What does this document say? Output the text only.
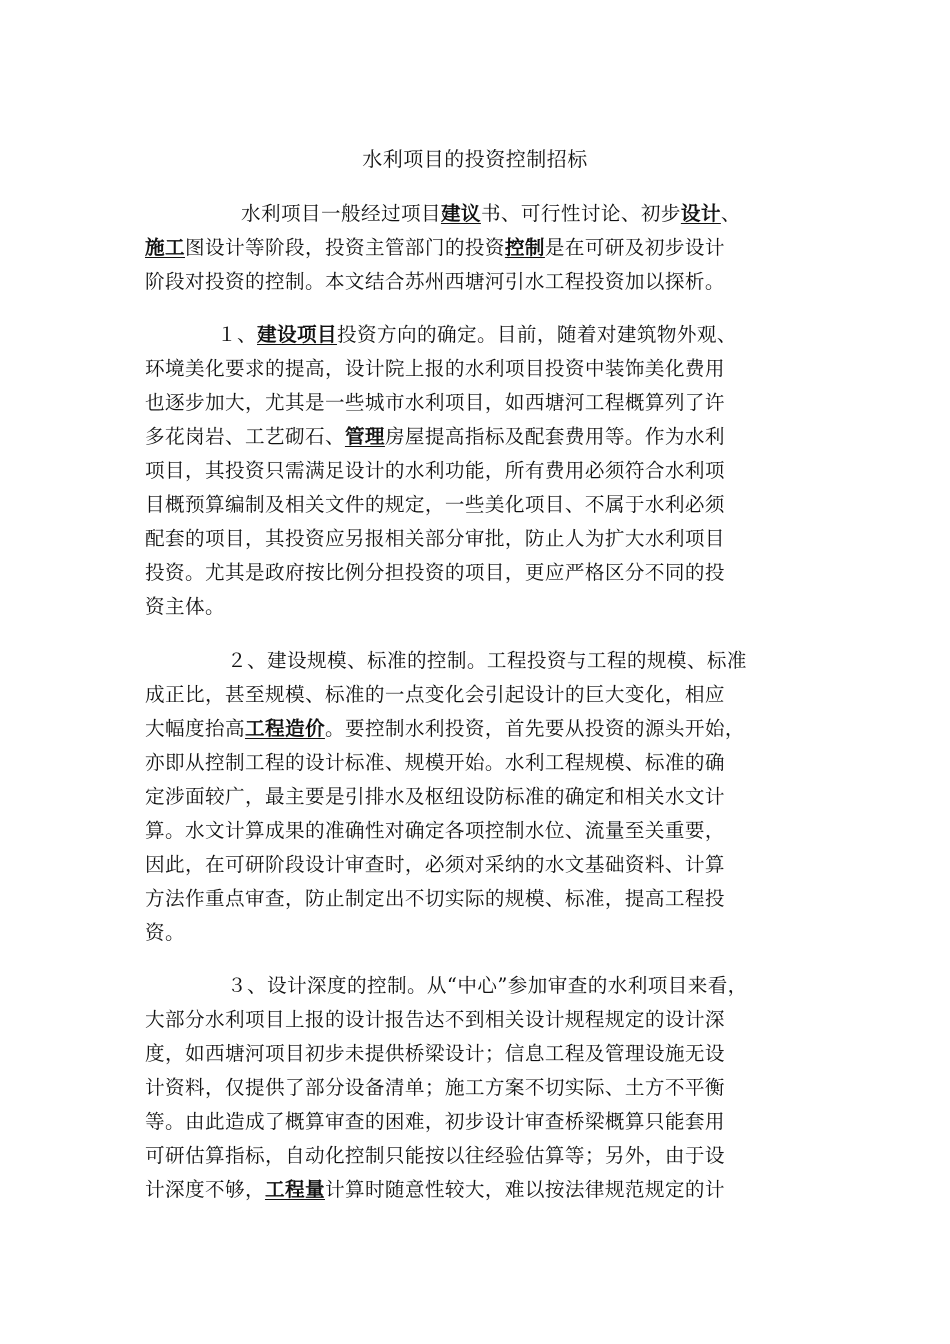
水利项目的投资控制招标
水利项目一般经过项目建议书、可行性讨论、初步设计、
施工图设计等阶段，投资主管部门的投资控制是在可研及初步设计
阶段对投资的控制。本文结合苏州西塘河引水工程投资加以探析。
１、建设项目投资方向的确定。目前，随着对建筑物外观、
环境美化要求的提高，设计院上报的水利项目投资中装饰美化费用
也逐步加大，尤其是一些城市水利项目，如西塘河工程概算列了许
多花岗岩、工艺砌石、管理房屋提高指标及配套费用等。作为水利
项目，其投资只需满足设计的水利功能，所有费用必须符合水利项
目概预算编制及相关文件的规定，一些美化项目、不属于水利必须
配套的项目，其投资应另报相关部分审批，防止人为扩大水利项目
投资。尤其是政府按比例分担投资的项目，更应严格区分不同的投
资主体。
２、建设规模、标准的控制。工程投资与工程的规模、标准
成正比，甚至规模、标准的一点变化会引起设计的巨大变化，相应
大幅度抬高工程造价。要控制水利投资，首先要从投资的源头开始，
亦即从控制工程的设计标准、规模开始。水利工程规模、标准的确
定涉面较广，最主要是引排水及枢纽设防标准的确定和相关水文计
算。水文计算成果的准确性对确定各项控制水位、流量至关重要，
因此，在可研阶段设计审查时，必须对采纳的水文基础资料、计算
方法作重点审查，防止制定出不切实际的规模、标准，提高工程投
资。
３、设计深度的控制。从“中心”参加审查的水利项目来看，
大部分水利项目上报的设计报告达不到相关设计规程规定的设计深
度，如西塘河项目初步未提供桥梁设计；信息工程及管理设施无设
计资料，仅提供了部分设备清单；施工方案不切实际、土方不平衡
等。由此造成了概算审查的困难，初步设计审查桥梁概算只能套用
可研估算指标，自动化控制只能按以往经验估算等；另外，由于设
计深度不够，工程量计算时随意性较大，难以按法律规范规定的计
